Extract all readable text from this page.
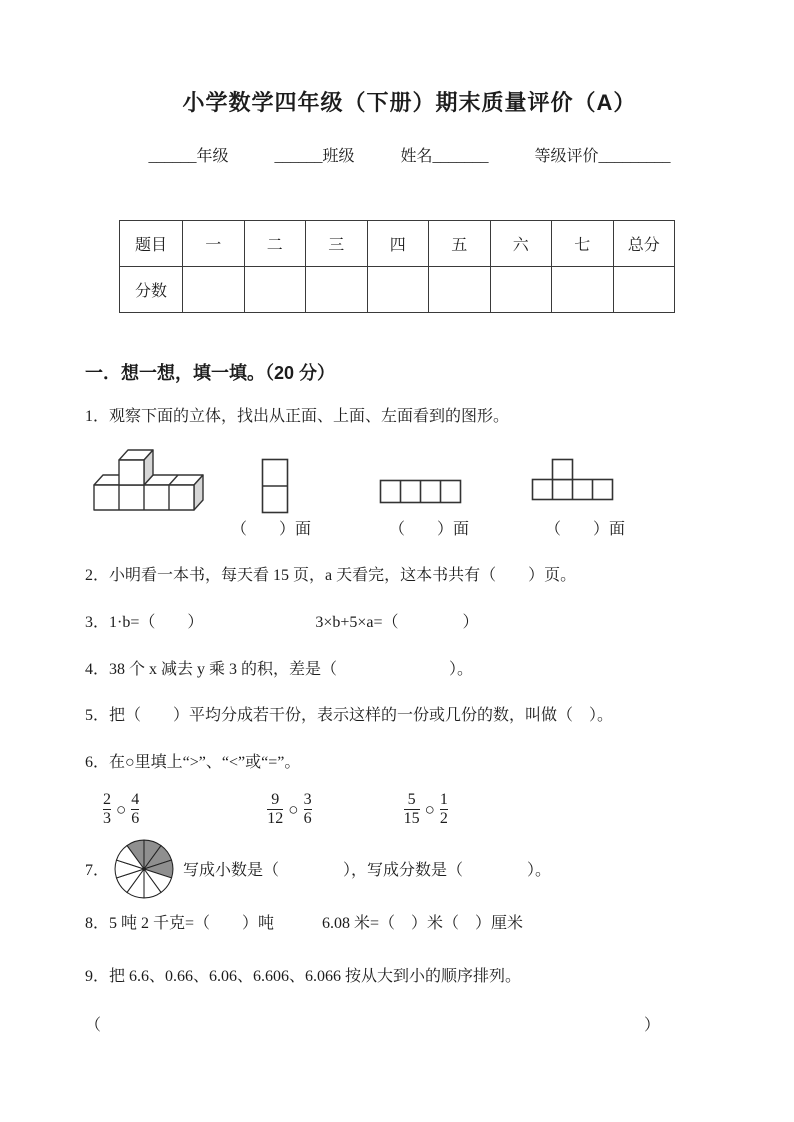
小学数学四年级（下册）期末质量评价（A）
______年级	______班级	姓名_______	等级评价_________
题目	一	二	三	四	五	六	七	总分
分数								
一．想一想，填一填。（20 分）
1．观察下面的立体，找出从正面、上面、左面看到的图形。
（　　）面	（　　）面	（　　）面
2．小明看一本书，每天看 15 页，a 天看完，这本书共有（　　）页。
3．1·b=（　　）	3×b+5×a=（　　　　）
4．38 个 x 减去 y 乘 3 的积，差是（　　　　　　　）。
5．把（　　）平均分成若干份，表示这样的一份或几份的数，叫做（　）。
6．在○里填上“>”、“<”或“=”。
$\frac{2}{3}$ ○ $\frac{4}{6}$	$\frac{9}{12}$ ○ $\frac{3}{6}$	$\frac{5}{15}$ ○ $\frac{1}{2}$
7．	写成小数是（　　　　），写成分数是（　　　　）。
8．5 吨 2 千克=（　　）吨　　　6.08 米=（　）米（　）厘米
9．把 6.6、0.66、6.06、6.606、6.066 按从大到小的顺序排列。
（	）
